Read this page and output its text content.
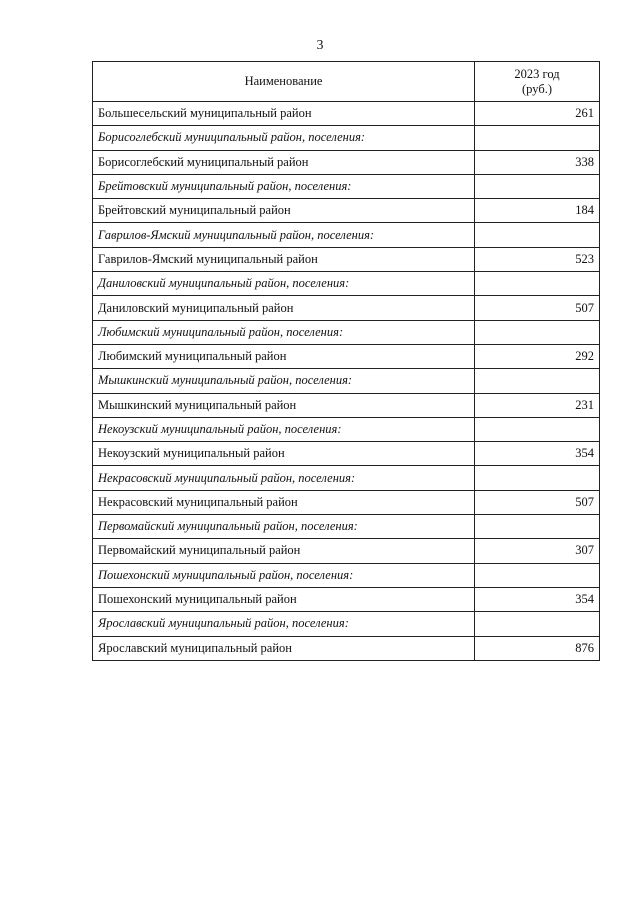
3
Наименование	2023 год
(руб.)
Большесельский муниципальный район	261
Борисоглебский муниципальный район, поселения:	
Борисоглебский муниципальный район	338
Брейтовский муниципальный район, поселения:	
Брейтовский муниципальный район	184
Гаврилов-Ямский муниципальный район, поселения:	
Гаврилов-Ямский муниципальный район	523
Даниловский муниципальный район, поселения:	
Даниловский муниципальный район	507
Любимский муниципальный район, поселения:	
Любимский муниципальный район	292
Мышкинский муниципальный район, поселения:	
Мышкинский муниципальный район	231
Некоузский муниципальный район, поселения:	
Некоузский муниципальный район	354
Некрасовский муниципальный район, поселения:	
Некрасовский муниципальный район	507
Первомайский муниципальный район, поселения:	
Первомайский муниципальный район	307
Пошехонский муниципальный район, поселения:	
Пошехонский муниципальный район	354
Ярославский муниципальный район, поселения:	
Ярославский муниципальный район	876
